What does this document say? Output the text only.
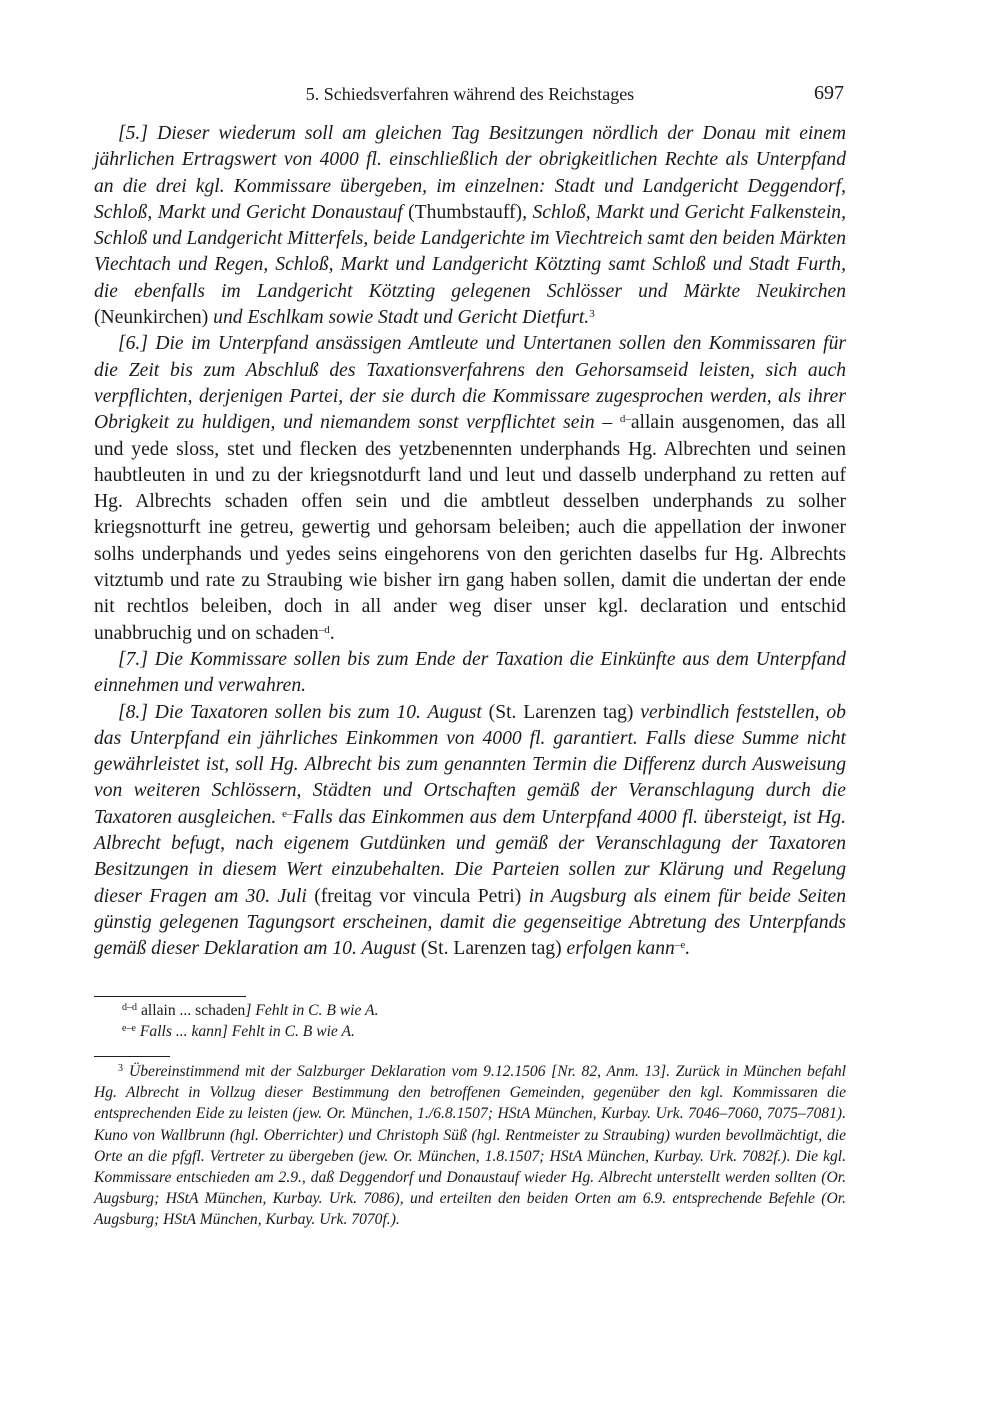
5. Schiedsverfahren während des Reichstages	697

[5.] Dieser wiederum soll am gleichen Tag Besitzungen nördlich der Donau mit einem jährlichen Ertragswert von 4000 fl. einschließlich der obrigkeitlichen Rechte als Unterpfand an die drei kgl. Kommissare übergeben, im einzelnen: Stadt und Landgericht Deggendorf, Schloß, Markt und Gericht Donaustauf (Thumbstauff), Schloß, Markt und Gericht Falkenstein, Schloß und Landgericht Mitterfels, beide Landgerichte im Viechtreich samt den beiden Märkten Viechtach und Regen, Schloß, Markt und Landgericht Kötzting samt Schloß und Stadt Furth, die ebenfalls im Landgericht Kötzting gelegenen Schlösser und Märkte Neukirchen (Neunkirchen) und Eschlkam sowie Stadt und Gericht Dietfurt.$^3$

[6.] Die im Unterpfand ansässigen Amtleute und Untertanen sollen den Kommissaren für die Zeit bis zum Abschluß des Taxationsverfahrens den Gehorsamseid leisten, sich auch verpflichten, derjenigen Partei, der sie durch die Kommissare zugesprochen werden, als ihrer Obrigkeit zu huldigen, und niemandem sonst verpflichtet sein – $^{d-}$allain ausgenomen, das all und yede sloss, stet und flecken des yetzbenennten underphands Hg. Albrechten und seinen haubtleuten in und zu der kriegsnotdurft land und leut und dasselb underphand zu retten auf Hg. Albrechts schaden offen sein und die ambtleut desselben underphands zu solher kriegsnotturft ine getreu, gewertig und gehorsam beleiben; auch die appellation der inwoner solhs underphands und yedes seins eingehorens von den gerichten daselbs fur Hg. Albrechts vitztumb und rate zu Straubing wie bisher irn gang haben sollen, damit die undertan der ende nit rechtlos beleiben, doch in all ander weg diser unser kgl. declaration und entschid unabbruchig und on schaden$^{-d}$.

[7.] Die Kommissare sollen bis zum Ende der Taxation die Einkünfte aus dem Unterpfand einnehmen und verwahren.

[8.] Die Taxatoren sollen bis zum 10. August (St. Larenzen tag) verbindlich feststellen, ob das Unterpfand ein jährliches Einkommen von 4000 fl. garantiert. Falls diese Summe nicht gewährleistet ist, soll Hg. Albrecht bis zum genannten Termin die Differenz durch Ausweisung von weiteren Schlössern, Städten und Ortschaften gemäß der Veranschlagung durch die Taxatoren ausgleichen. $^{e-}$Falls das Einkommen aus dem Unterpfand 4000 fl. übersteigt, ist Hg. Albrecht befugt, nach eigenem Gutdünken und gemäß der Veranschlagung der Taxatoren Besitzungen in diesem Wert einzubehalten. Die Parteien sollen zur Klärung und Regelung dieser Fragen am 30. Juli (freitag vor vincula Petri) in Augsburg als einem für beide Seiten günstig gelegenen Tagungsort erscheinen, damit die gegenseitige Abtretung des Unterpfands gemäß dieser Deklaration am 10. August (St. Larenzen tag) erfolgen kann$^{-e}$.

$^{d-d}$ allain ... schaden] Fehlt in C. B wie A.
$^{e-e}$ Falls ... kann] Fehlt in C. B wie A.

$^3$ Übereinstimmend mit der Salzburger Deklaration vom 9.12.1506 [Nr. 82, Anm. 13]. Zurück in München befahl Hg. Albrecht in Vollzug dieser Bestimmung den betroffenen Gemeinden, gegenüber den kgl. Kommissaren die entsprechenden Eide zu leisten (jew. Or. München, 1./6.8.1507; HStA München, Kurbay. Urk. 7046–7060, 7075–7081). Kuno von Wallbrunn (hgl. Oberrichter) und Christoph Süß (hgl. Rentmeister zu Straubing) wurden bevollmächtigt, die Orte an die pfgfl. Vertreter zu übergeben (jew. Or. München, 1.8.1507; HStA München, Kurbay. Urk. 7082f.). Die kgl. Kommissare entschieden am 2.9., daß Deggendorf und Donaustauf wieder Hg. Albrecht unterstellt werden sollten (Or. Augsburg; HStA München, Kurbay. Urk. 7086), und erteilten den beiden Orten am 6.9. entsprechende Befehle (Or. Augsburg; HStA München, Kurbay. Urk. 7070f.).
